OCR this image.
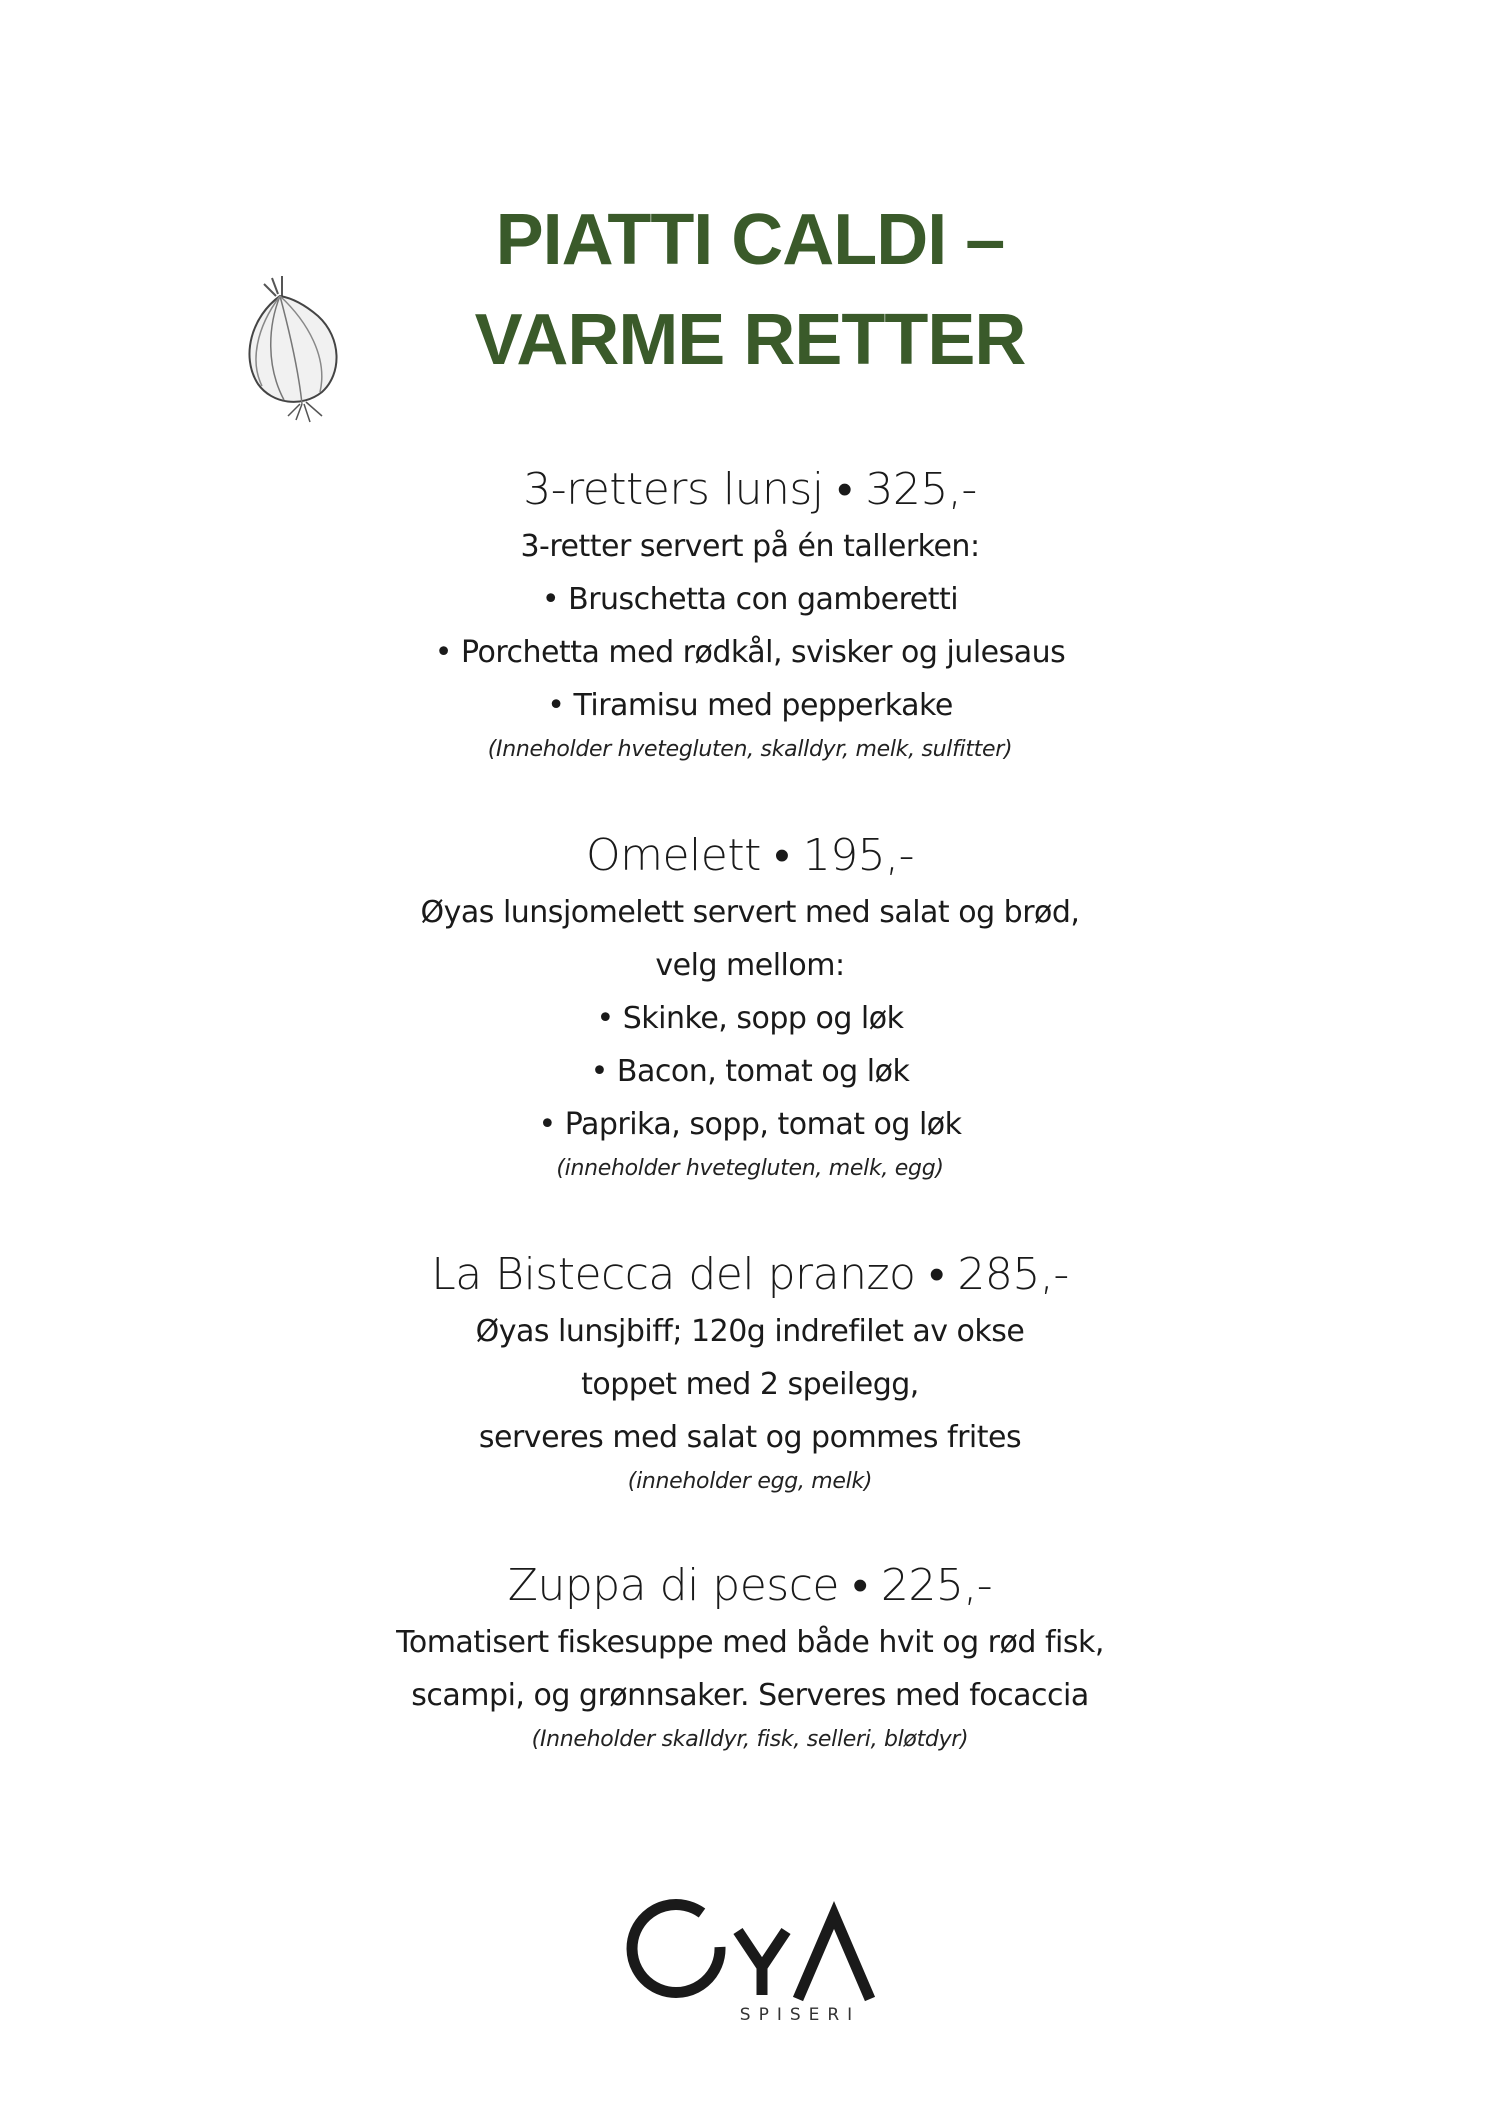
PIATTI CALDI –
VARME RETTER

3-retters lunsj • 325,-

3-retter servert på én tallerken:

• Bruschetta con gamberetti

• Porchetta med rødkål, svisker og julesaus

• Tiramisu med pepperkake

(Inneholder hvetegluten, skalldyr, melk, sulfitter)

Omelett • 195,-

Øyas lunsjomelett servert med salat og brød,

velg mellom:

• Skinke, sopp og løk

• Bacon, tomat og løk

• Paprika, sopp, tomat og løk

(inneholder hvetegluten, melk, egg)

La Bistecca del pranzo • 285,-

Øyas lunsjbiff; 120g indrefilet av okse

toppet med 2 speilegg,

serveres med salat og pommes frites

(inneholder egg, melk)

Zuppa di pesce • 225,-

Tomatisert fiskesuppe med både hvit og rød fisk,

scampi, og grønnsaker. Serveres med focaccia

(Inneholder skalldyr, fisk, selleri, bløtdyr)

SPISERI
